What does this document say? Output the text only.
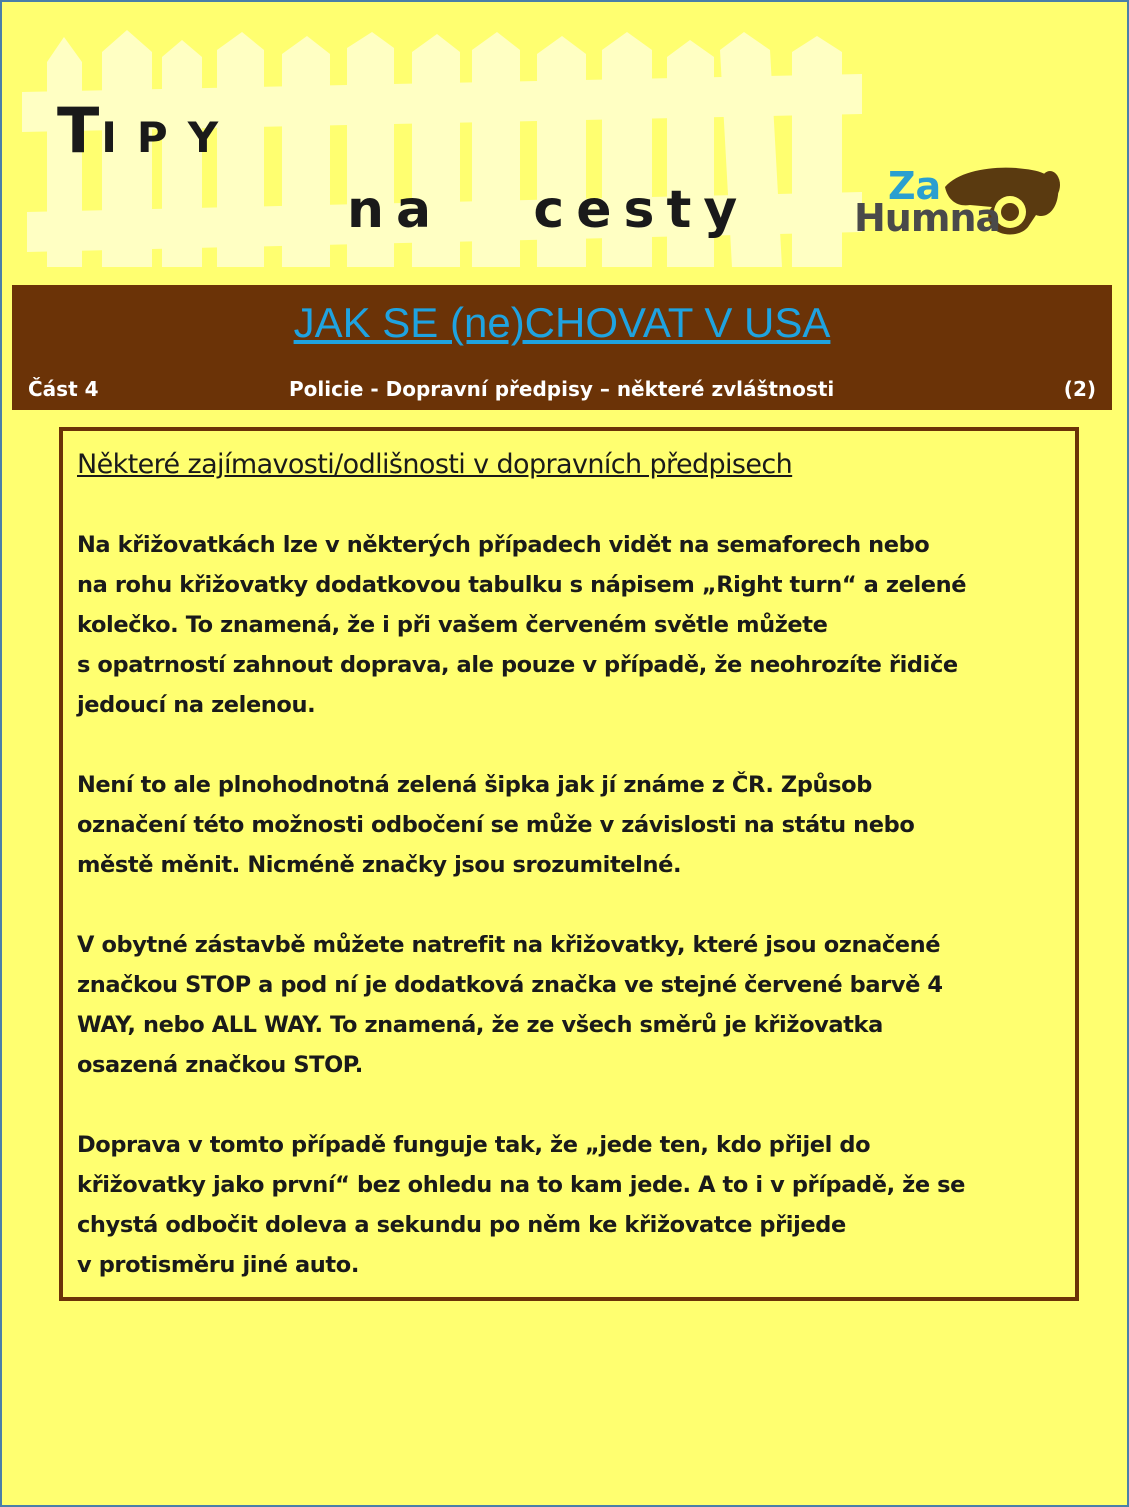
TIPY
na   cesty	Za
Humna
JAK SE (ne)CHOVAT V USA
Část 4	Policie - Dopravní předpisy – některé zvláštnosti	(2)
Některé zajímavosti/odlišnosti v dopravních předpisech
Na křižovatkách lze v některých případech vidět na semaforech nebo
na rohu křižovatky dodatkovou tabulku s nápisem „Right turn“ a zelené
kolečko. To znamená, že i při vašem červeném světle můžete
s opatrností zahnout doprava, ale pouze v případě, že neohrozíte řidiče
jedoucí na zelenou.
Není to ale plnohodnotná zelená šipka jak jí známe z ČR. Způsob
označení této možnosti odbočení se může v závislosti na státu nebo
městě měnit. Nicméně značky jsou srozumitelné.
V obytné zástavbě můžete natrefit na křižovatky, které jsou označené
značkou STOP a pod ní je dodatková značka ve stejné červené barvě 4
WAY, nebo ALL WAY. To znamená, že ze všech směrů je křižovatka
osazená značkou STOP.
Doprava v tomto případě funguje tak, že „jede ten, kdo přijel do
křižovatky jako první“ bez ohledu na to kam jede. A to i v případě, že se
chystá odbočit doleva a sekundu po něm ke křižovatce přijede
v protisměru jiné auto.
